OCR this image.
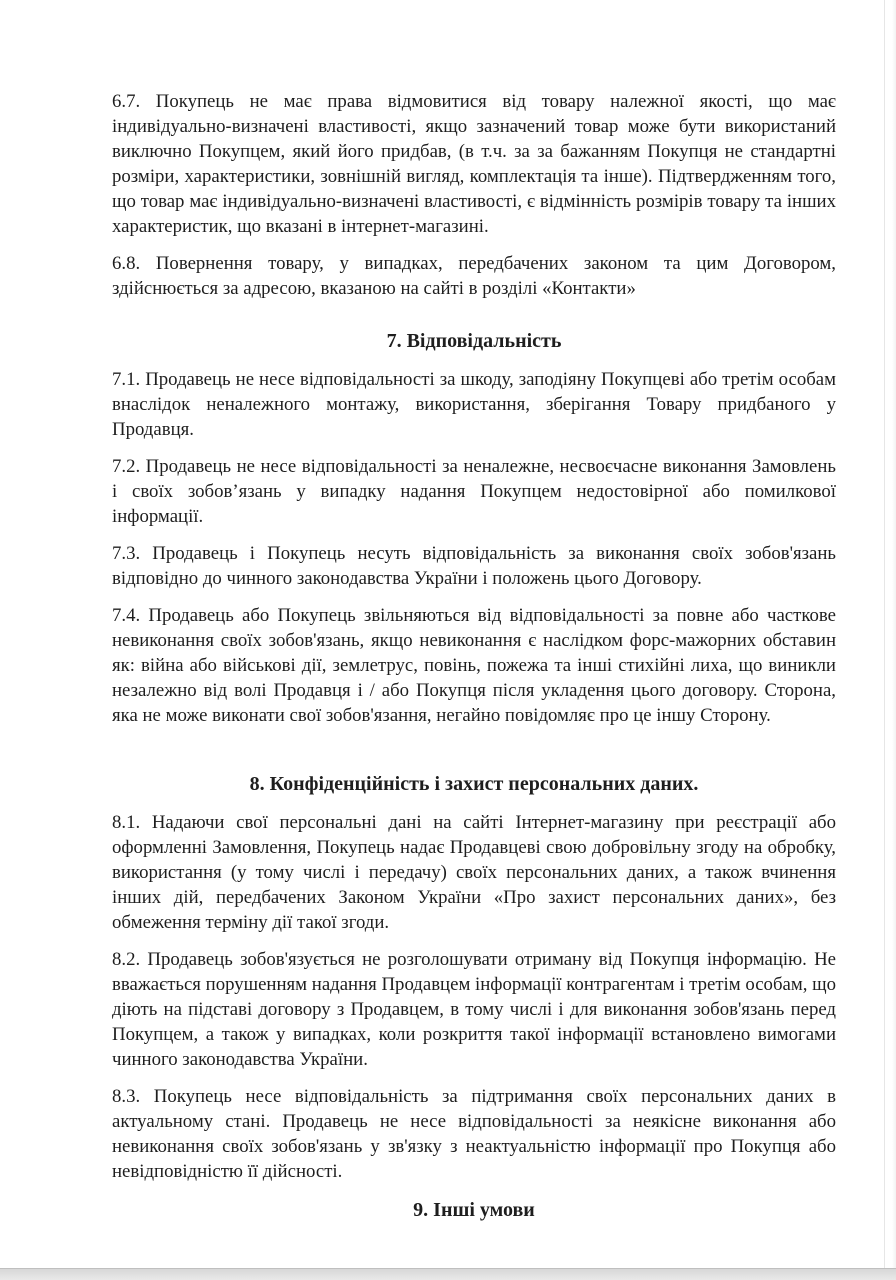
6.7. Покупець не має права відмовитися від товару належної якості, що має індивідуально-визначені властивості, якщо зазначений товар може бути використаний виключно Покупцем, який його придбав, (в т.ч. за за бажанням Покупця не стандартні розміри, характеристики, зовнішній вигляд, комплектація та інше). Підтвердженням того, що товар має індивідуально-визначені властивості, є відмінність розмірів товару та інших характеристик, що вказані в інтернет-магазині.

6.8. Повернення товару, у випадках, передбачених законом та цим Договором, здійснюється за адресою, вказаною на сайті в розділі «Контакти»

7. Відповідальність

7.1. Продавець не несе відповідальності за шкоду, заподіяну Покупцеві або третім особам внаслідок неналежного монтажу, використання, зберігання Товару придбаного у Продавця.

7.2. Продавець не несе відповідальності за неналежне, несвоєчасне виконання Замовлень і своїх зобов’язань у випадку надання Покупцем недостовірної або помилкової інформації.

7.3. Продавець і Покупець несуть відповідальність за виконання своїх зобов'язань відповідно до чинного законодавства України і положень цього Договору.

7.4. Продавець або Покупець звільняються від відповідальності за повне або часткове невиконання своїх зобов'язань, якщо невиконання є наслідком форс-мажорних обставин як: війна або військові дії, землетрус, повінь, пожежа та інші стихійні лиха, що виникли незалежно від волі Продавця і / або Покупця після укладення цього договору. Сторона, яка не може виконати свої зобов'язання, негайно повідомляє про це іншу Сторону.

8. Конфіденційність і захист персональних даних.

8.1. Надаючи свої персональні дані на сайті Інтернет-магазину при реєстрації або оформленні Замовлення, Покупець надає Продавцеві свою добровільну згоду на обробку, використання (у тому числі і передачу) своїх персональних даних, а також вчинення інших дій, передбачених Законом України «Про захист персональних даних», без обмеження терміну дії такої згоди.

8.2. Продавець зобов'язується не розголошувати отриману від Покупця інформацію. Не вважається порушенням надання Продавцем інформації контрагентам і третім особам, що діють на підставі договору з Продавцем, в тому числі і для виконання зобов'язань перед Покупцем, а також у випадках, коли розкриття такої інформації встановлено вимогами чинного законодавства України.

8.3. Покупець несе відповідальність за підтримання своїх персональних даних в актуальному стані. Продавець не несе відповідальності за неякісне виконання або невиконання своїх зобов'язань у зв'язку з неактуальністю інформації про Покупця або невідповідністю її дійсності.

9. Інші умови
